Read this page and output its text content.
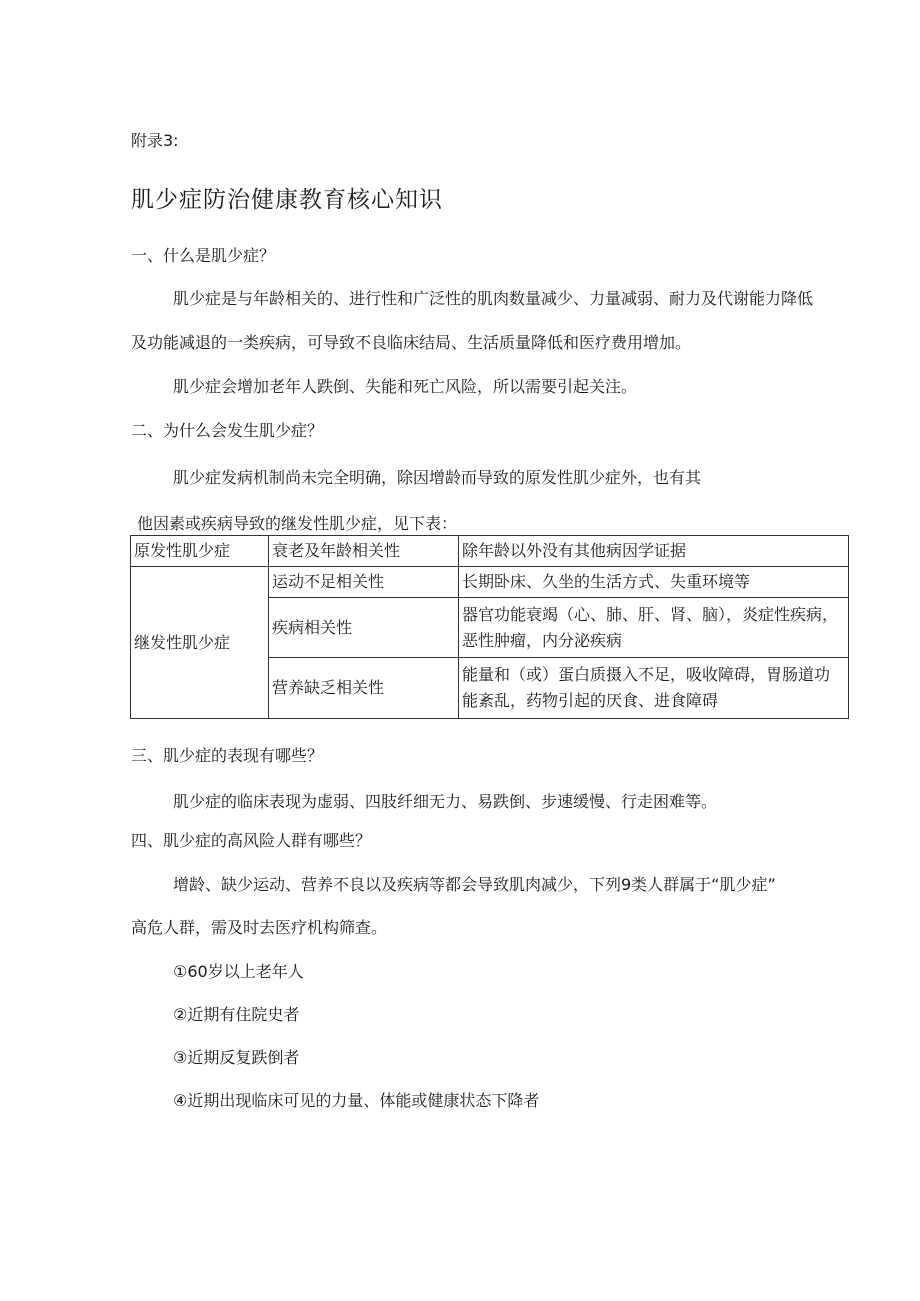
附录3:
肌少症防治健康教育核心知识
一、什么是肌少症？
肌少症是与年龄相关的、进行性和广泛性的肌肉数量减少、力量减弱、耐力及代谢能力降低
及功能减退的一类疾病，可导致不良临床结局、生活质量降低和医疗费用增加。
肌少症会增加老年人跌倒、失能和死亡风险，所以需要引起关注。
二、为什么会发生肌少症？
肌少症发病机制尚未完全明确，除因增龄而导致的原发性肌少症外，也有其
他因素或疾病导致的继发性肌少症，见下表：
原发性肌少症	衰老及年龄相关性	除年龄以外没有其他病因学证据
继发性肌少症	运动不足相关性	长期卧床、久坐的生活方式、失重环境等
	疾病相关性	器官功能衰竭（心、肺、肝、肾、脑），炎症性疾病，恶性肿瘤，内分泌疾病
	营养缺乏相关性	能量和（或）蛋白质摄入不足，吸收障碍，胃肠道功能紊乱，药物引起的厌食、进食障碍
三、肌少症的表现有哪些？
肌少症的临床表现为虚弱、四肢纤细无力、易跌倒、步速缓慢、行走困难等。
四、肌少症的高风险人群有哪些？
增龄、缺少运动、营养不良以及疾病等都会导致肌肉减少，下列9类人群属于“肌少症”
高危人群，需及时去医疗机构筛查。
①60岁以上老年人
②近期有住院史者
③近期反复跌倒者
④近期出现临床可见的力量、体能或健康状态下降者
